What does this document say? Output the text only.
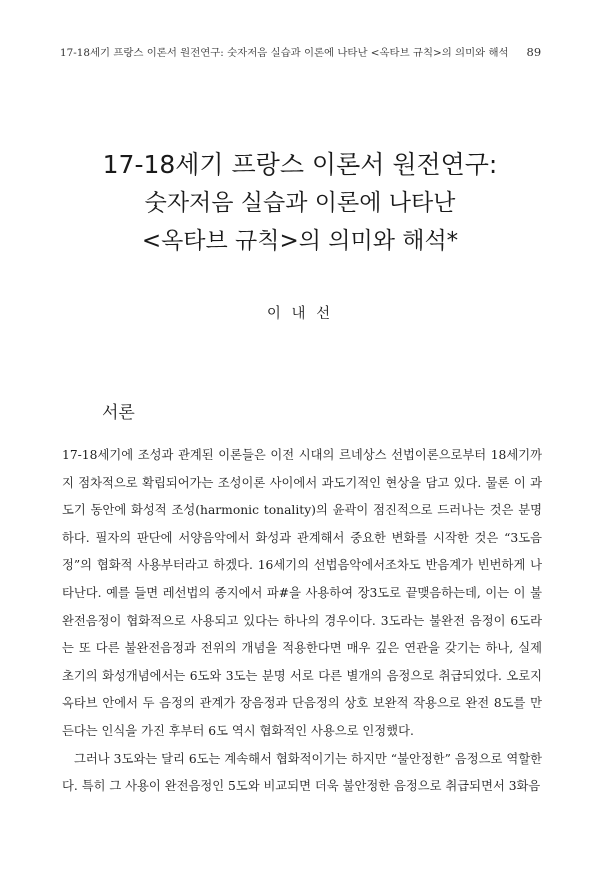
17-18세기 프랑스 이론서 원전연구: 숫자저음 실습과 이론에 나타난 <옥타브 규칙>의 의미와 해석 89
17-18세기 프랑스 이론서 원전연구:
숫자저음 실습과 이론에 나타난
<옥타브 규칙>의 의미와 해석*
이 내 선
서론

17-18세기에 조성과 관계된 이론들은 이전 시대의 르네상스 선법이론으로부터 18세기까지 점차적으로 확립되어가는 조성이론 사이에서 과도기적인 현상을 담고 있다. 물론 이 과도기 동안에 화성적 조성(harmonic tonality)의 윤곽이 점진적으로 드러나는 것은 분명하다. 필자의 판단에 서양음악에서 화성과 관계해서 중요한 변화를 시작한 것은 “3도음정”의 협화적 사용부터라고 하겠다. 16세기의 선법음악에서조차도 반음계가 빈번하게 나타난다. 예를 들면 레선법의 종지에서 파#을 사용하여 장3도로 끝맺음하는데, 이는 이 불완전음정이 협화적으로 사용되고 있다는 하나의 경우이다. 3도라는 불완전 음정이 6도라는 또 다른 불완전음정과 전위의 개념을 적용한다면 매우 깊은 연관을 갖기는 하나, 실제 초기의 화성개념에서는 6도와 3도는 분명 서로 다른 별개의 음정으로 취급되었다. 오로지 옥타브 안에서 두 음정의 관계가 장음정과 단음정의 상호 보완적 작용으로 완전 8도를 만든다는 인식을 가진 후부터 6도 역시 협화적인 사용으로 인정했다.

그러나 3도와는 달리 6도는 계속해서 협화적이기는 하지만 “불안정한” 음정으로 역할한다. 특히 그 사용이 완전음정인 5도와 비교되면 더욱 불안정한 음정으로 취급되면서 3화음
